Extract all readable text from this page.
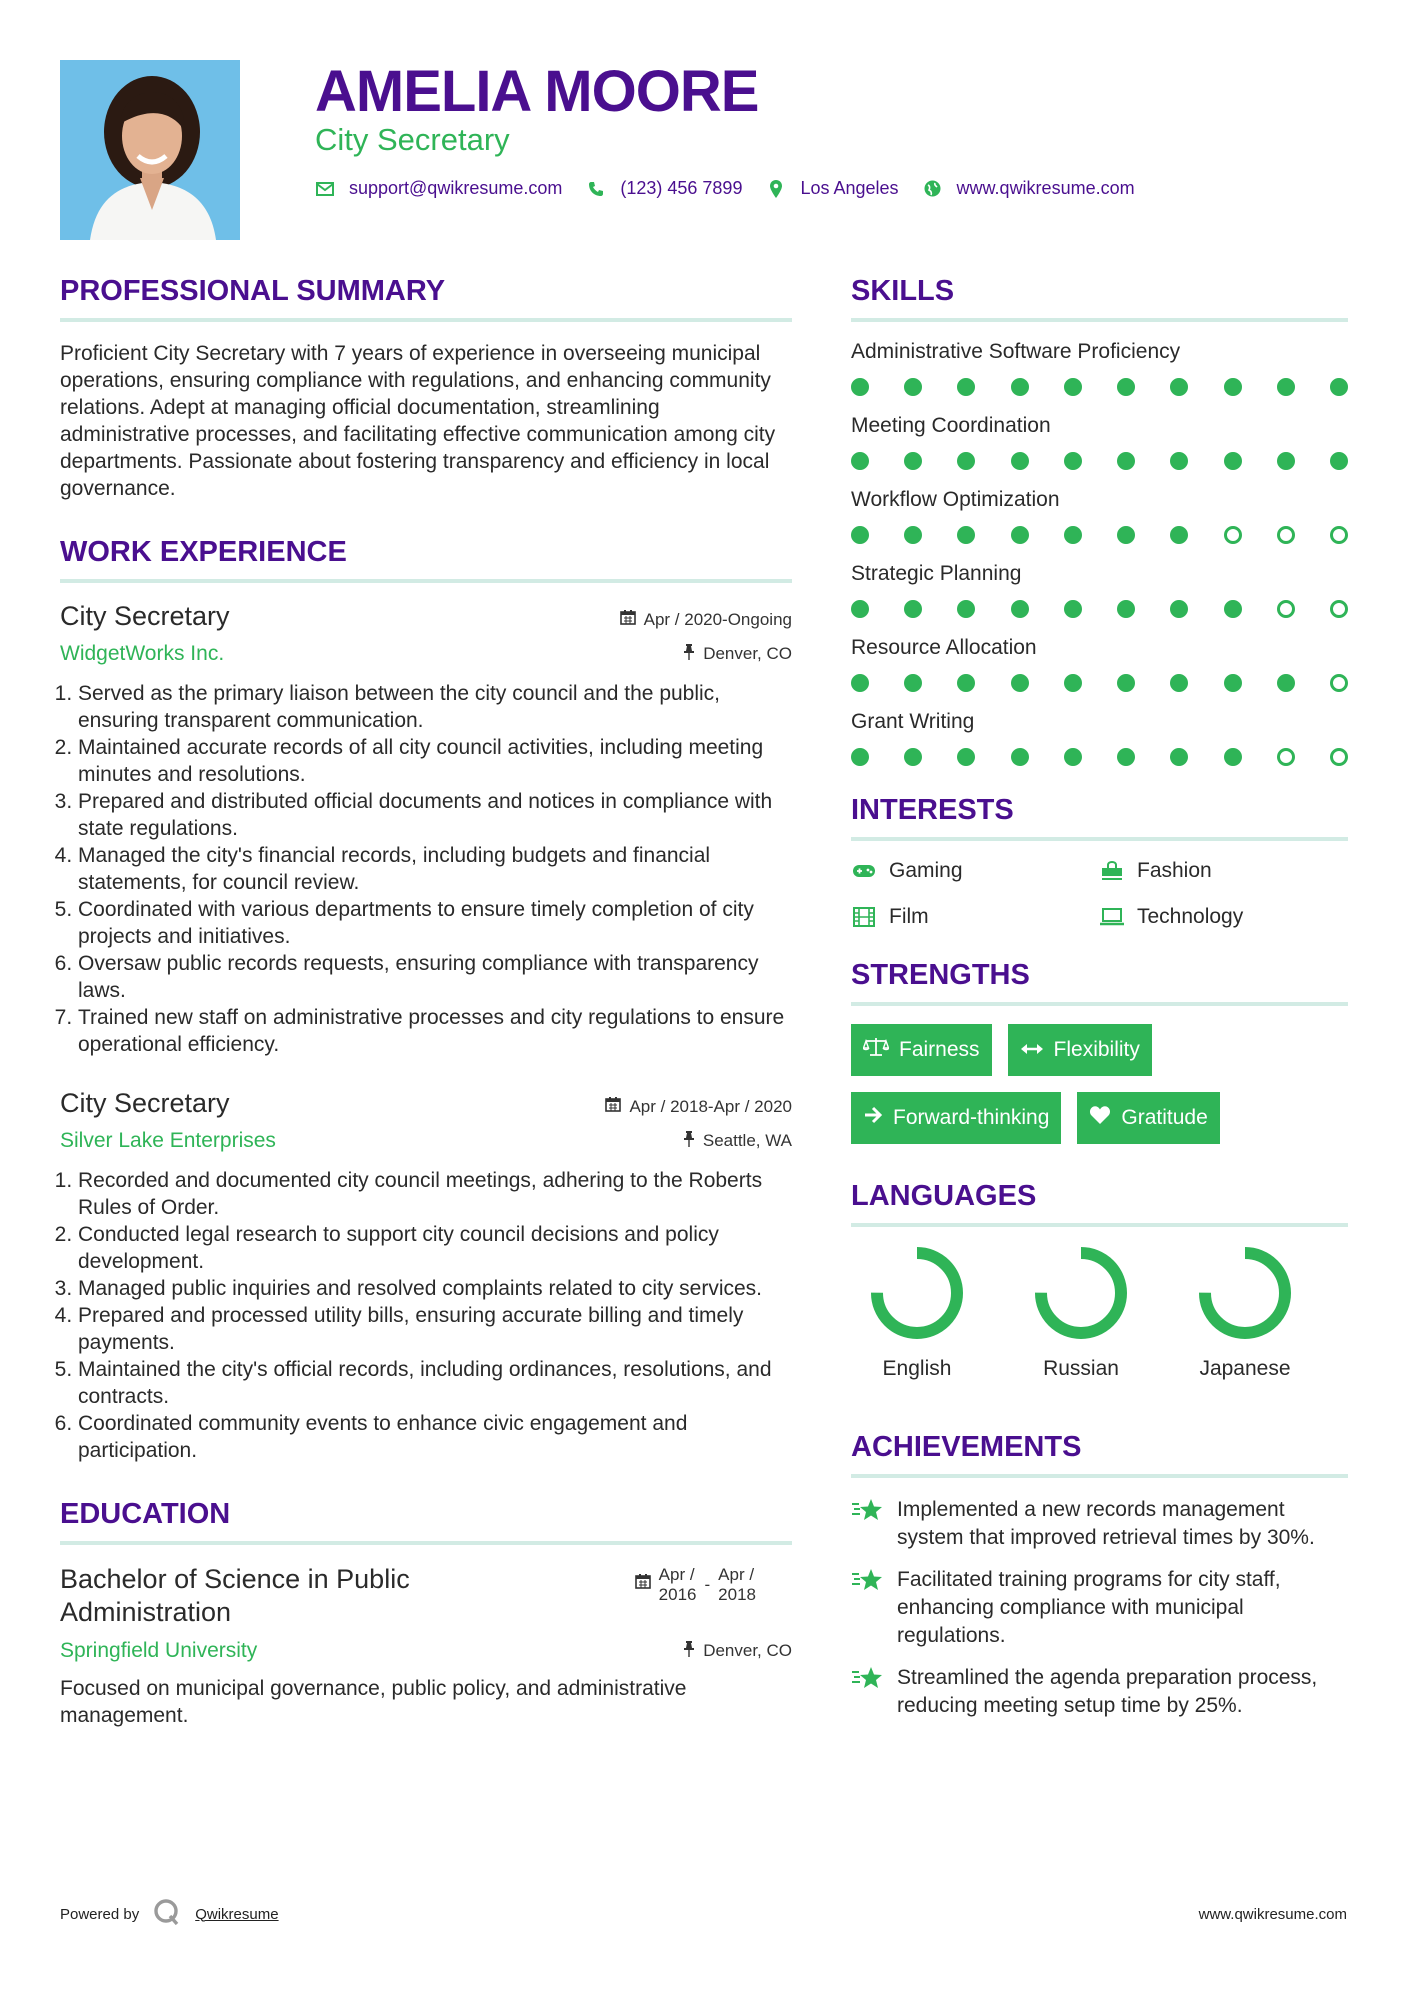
AMELIA MOORE
City Secretary
support@qwikresume.com	(123) 456 7899	Los Angeles	www.qwikresume.com
PROFESSIONAL SUMMARY

Proficient City Secretary with 7 years of experience in overseeing municipal operations, ensuring compliance with regulations, and enhancing community relations. Adept at managing official documentation, streamlining administrative processes, and facilitating effective communication among city departments. Passionate about fostering transparency and efficiency in local governance.

WORK EXPERIENCE
City Secretary	Apr / 2020-Ongoing
WidgetWorks Inc.	Denver, CO
1. Served as the primary liaison between the city council and the public, ensuring transparent communication.
2. Maintained accurate records of all city council activities, including meeting minutes and resolutions.
3. Prepared and distributed official documents and notices in compliance with state regulations.
4. Managed the city's financial records, including budgets and financial statements, for council review.
5. Coordinated with various departments to ensure timely completion of city projects and initiatives.
6. Oversaw public records requests, ensuring compliance with transparency laws.
7. Trained new staff on administrative processes and city regulations to ensure operational efficiency.
City Secretary	Apr / 2018-Apr / 2020
Silver Lake Enterprises	Seattle, WA
1. Recorded and documented city council meetings, adhering to the Roberts Rules of Order.
2. Conducted legal research to support city council decisions and policy development.
3. Managed public inquiries and resolved complaints related to city services.
4. Prepared and processed utility bills, ensuring accurate billing and timely payments.
5. Maintained the city's official records, including ordinances, resolutions, and contracts.
6. Coordinated community events to enhance civic engagement and participation.
EDUCATION
Bachelor of Science in Public Administration
Apr /
2016
-
Apr /
2018
Springfield University	Denver, CO

Focused on municipal governance, public policy, and administrative management.

SKILLS
Administrative Software Proficiency
Meeting Coordination
Workflow Optimization
Strategic Planning
Resource Allocation
Grant Writing
INTERESTS
Gaming	Fashion
Film	Technology
STRENGTHS
Fairness	Flexibility
Forward-thinking	Gratitude
LANGUAGES
English	Russian	Japanese
ACHIEVEMENTS
Implemented a new records management system that improved retrieval times by 30%.
Facilitated training programs for city staff, enhancing compliance with municipal regulations.
Streamlined the agenda preparation process, reducing meeting setup time by 25%.
Powered by	Qwikresume	www.qwikresume.com
